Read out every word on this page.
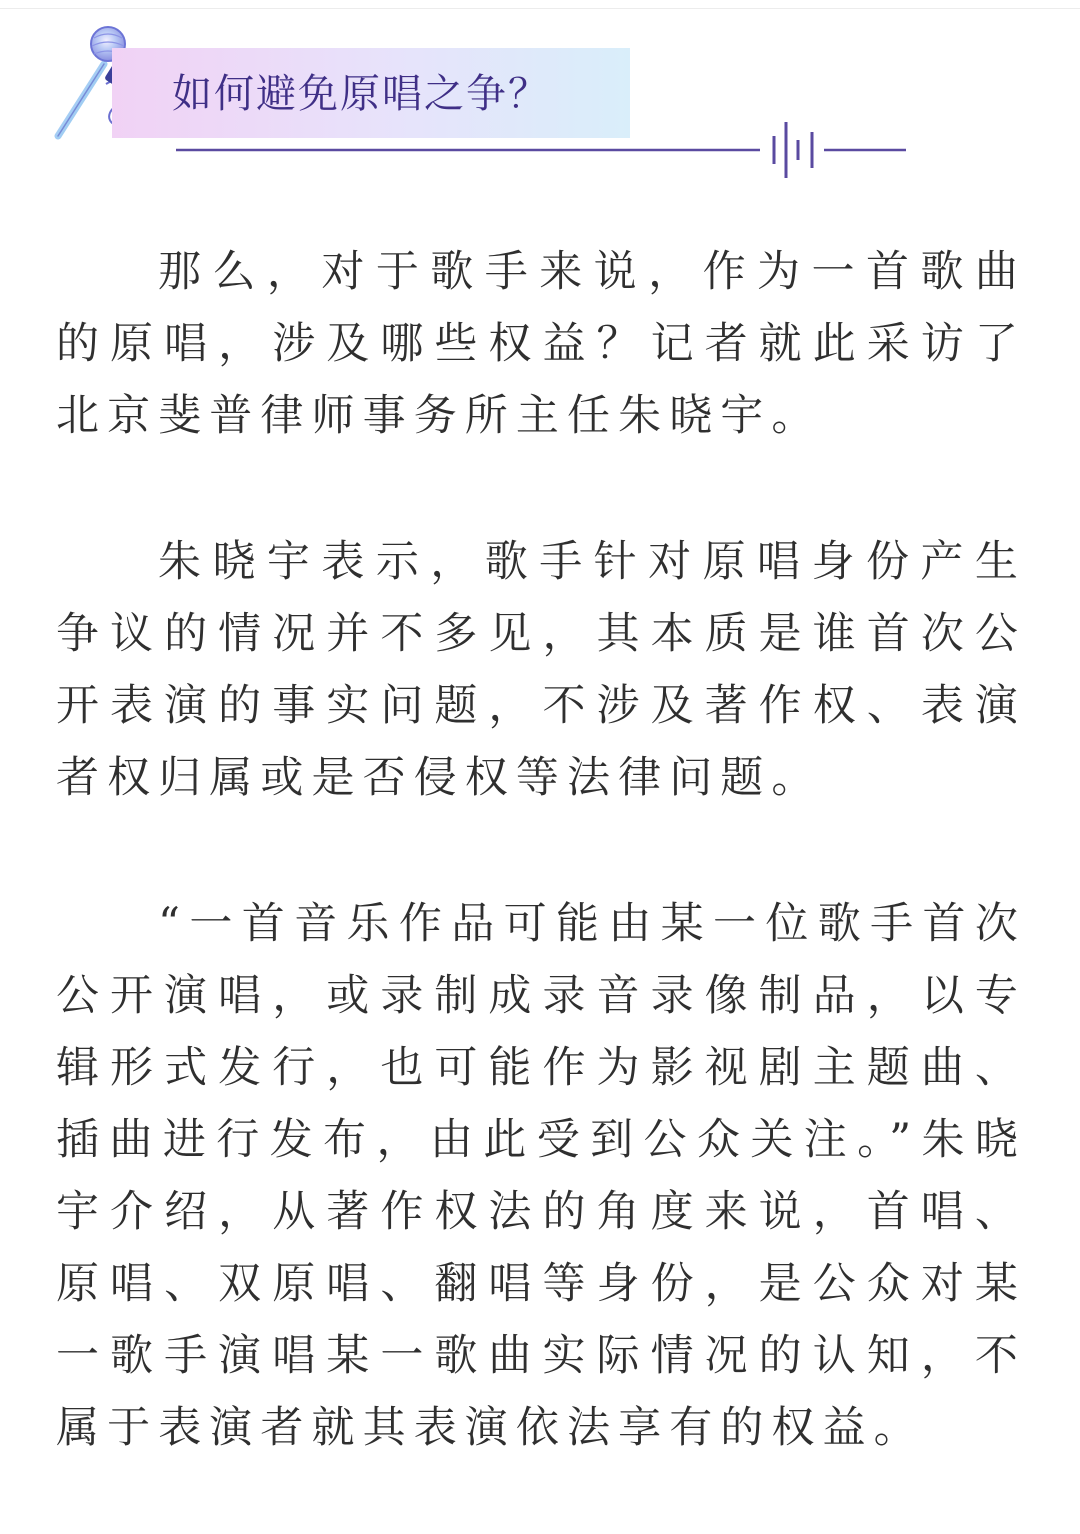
如何避免原唱之争？

那么，对于歌手来说，作为一首歌曲的原唱，涉及哪些权益？记者就此采访了北京斐普律师事务所主任朱晓宇。

朱晓宇表示，歌手针对原唱身份产生争议的情况并不多见，其本质是谁首次公开表演的事实问题，不涉及著作权、表演者权归属或是否侵权等法律问题。

“一首音乐作品可能由某一位歌手首次公开演唱，或录制成录音录像制品，以专辑形式发行，也可能作为影视剧主题曲、插曲进行发布，由此受到公众关注。”朱晓宇介绍，从著作权法的角度来说，首唱、原唱、双原唱、翻唱等身份，是公众对某一歌手演唱某一歌曲实际情况的认知，不属于表演者就其表演依法享有的权益。
